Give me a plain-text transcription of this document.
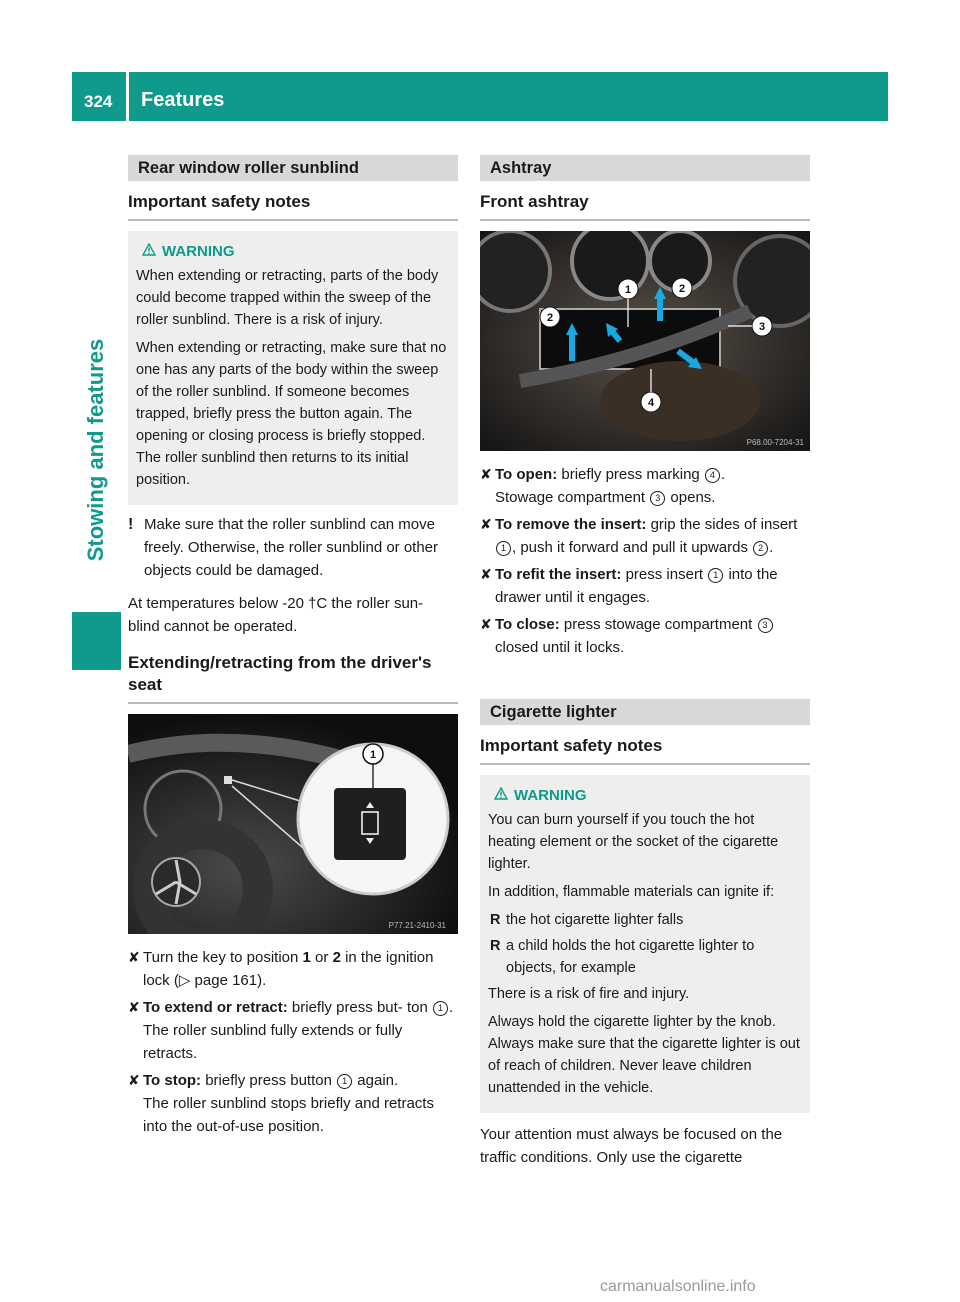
324 Features
Stowing and features
Rear window roller sunblind
Important safety notes
WARNING

When extending or retracting, parts of the body could become trapped within the sweep of the roller sunblind. There is a risk of injury.

When extending or retracting, make sure that no one has any parts of the body within the sweep of the roller sunblind. If someone becomes trapped, briefly press the button again. The opening or closing process is briefly stopped. The roller sunblind then returns to its initial position.

! Make sure that the roller sunblind can move freely. Otherwise, the roller sunblind or other objects could be damaged.
At temperatures below -20 †C the roller sun- blind cannot be operated.
Extending/retracting from the driver's seat
1
P77.21-2410-31
✘ Turn the key to position 1 or 2 in the ignition lock (▷ page 161).
✘ To extend or retract: briefly press but- ton 1 .
The roller sunblind fully extends or fully retracts.
✘ To stop: briefly press button 1 again.
The roller sunblind stops briefly and retracts into the out-of-use position.
Ashtray
Front ashtray
1
2
2
3
4
P68.00-7204-31
✘ To open: briefly press marking 4 .
Stowage compartment 3 opens.
✘ To remove the insert: grip the sides of insert 1 , push it forward and pull it upwards 2 .
✘ To refit the insert: press insert 1 into the drawer until it engages.
✘ To close: press stowage compartment 3 closed until it locks.
Cigarette lighter
Important safety notes
WARNING

You can burn yourself if you touch the hot heating element or the socket of the cigarette lighter.

In addition, flammable materials can ignite if:

R the hot cigarette lighter falls
R a child holds the hot cigarette lighter to objects, for example

There is a risk of fire and injury.

Always hold the cigarette lighter by the knob. Always make sure that the cigarette lighter is out of reach of children. Never leave children unattended in the vehicle.

Your attention must always be focused on the traffic conditions. Only use the cigarette
carmanualsonline.info
